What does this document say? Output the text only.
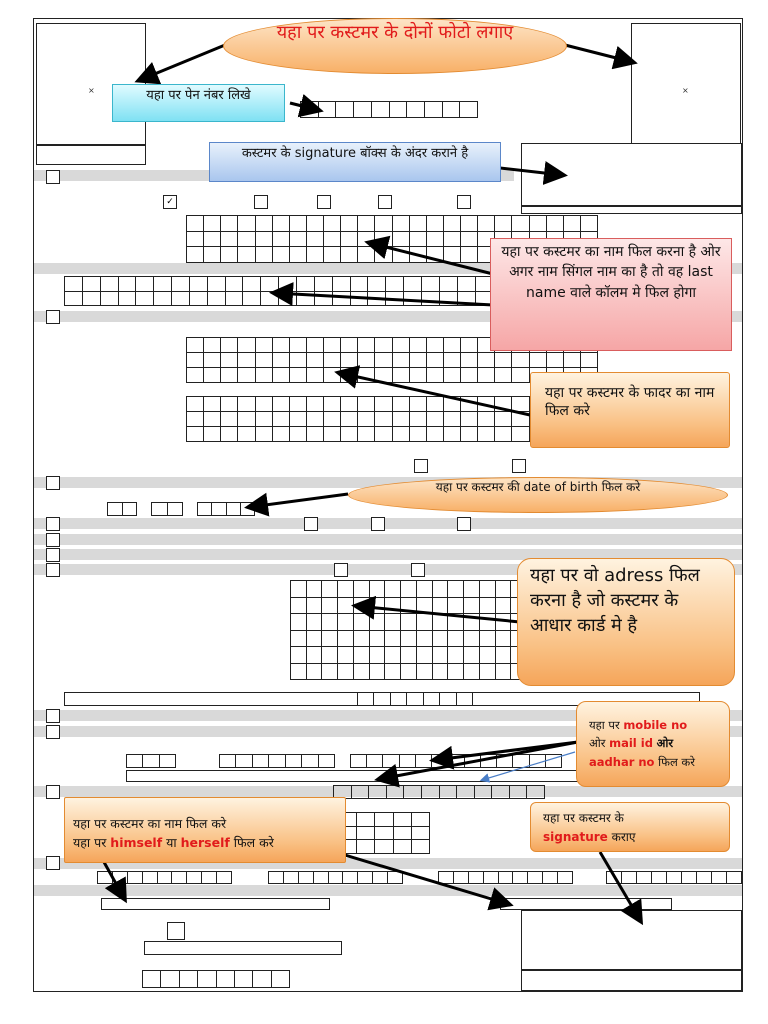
✓
×	×
यहा पर कस्टमर के दोनों फोटो लगाए
यहा पर पेन नंबर लिखे
कस्टमर के signature बॉक्स के अंदर कराने है
यहा पर कस्टमर का नाम फिल करना है ओर अगर नाम सिंगल नाम का है तो वह last name वाले कॉलम मे फिल होगा
यहा पर कस्टमर के फादर का नाम फिल करे
यहा पर कस्टमर की date of birth फिल करे
यहा पर वो adress फिल करना है जो कस्टमर के आधार कार्ड मे है
यहा पर mobile no
ओर mail id ओर
aadhar no फिल करे
यहा पर कस्टमर के
signature कराए
यहा पर कस्टमर का नाम फिल करे
यहा पर himself या herself फिल करे
